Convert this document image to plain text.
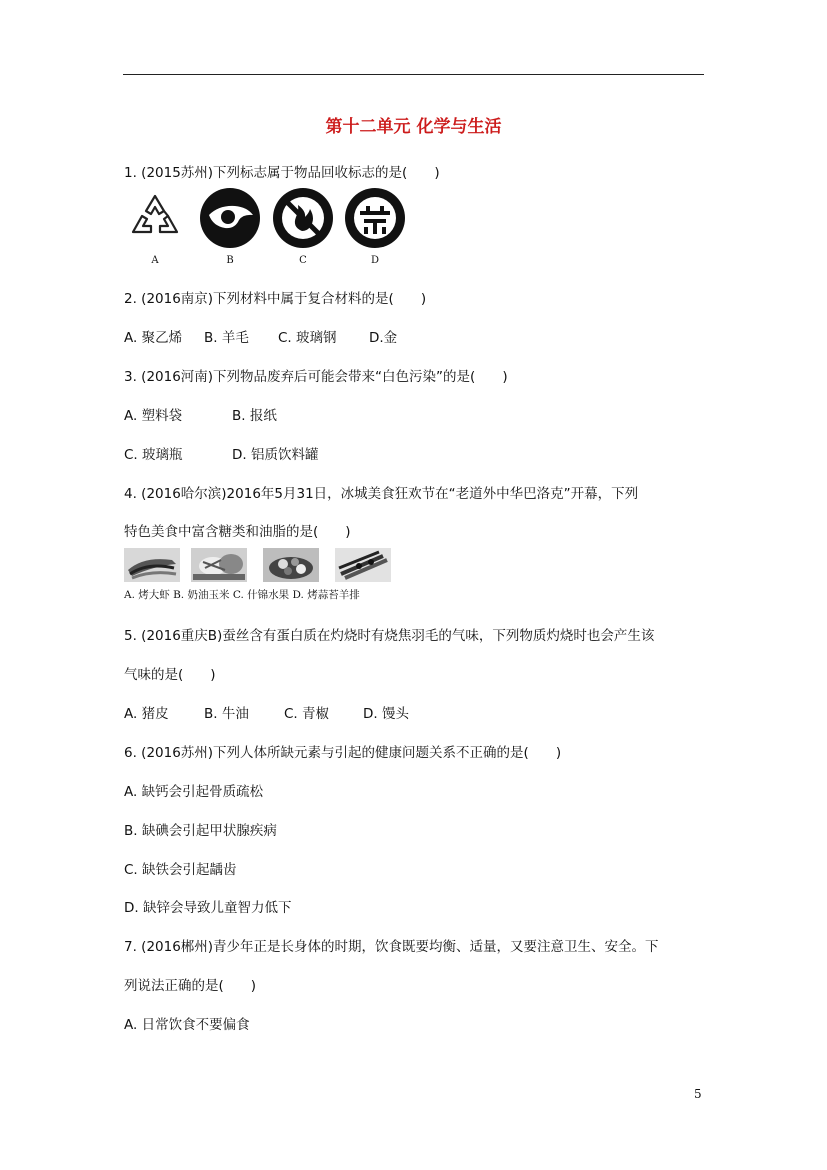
第十二单元 化学与生活
1. (2015苏州)下列标志属于物品回收标志的是(　　)
A	B	C	D
2. (2016南京)下列材料中属于复合材料的是(　　)
A. 聚乙烯 B. 羊毛 C. 玻璃钢 D.金
3. (2016河南)下列物品废弃后可能会带来“白色污染”的是(　　)
A. 塑料袋	B. 报纸
C. 玻璃瓶	D. 铝质饮料罐
4. (2016哈尔滨)2016年5月31日，冰城美食狂欢节在“老道外中华巴洛克”开幕，下列
特色美食中富含糖类和油脂的是(　　)
A. 烤大虾 B. 奶油玉米 C. 什锦水果 D. 烤蒜苔羊排
5. (2016重庆B)蚕丝含有蛋白质在灼烧时有烧焦羽毛的气味，下列物质灼烧时也会产生该
气味的是(　　)
A. 猪皮	B. 牛油	C. 青椒	D. 馒头
6. (2016苏州)下列人体所缺元素与引起的健康问题关系不正确的是(　　)
A. 缺钙会引起骨质疏松
B. 缺碘会引起甲状腺疾病
C. 缺铁会引起龋齿
D. 缺锌会导致儿童智力低下
7. (2016郴州)青少年正是长身体的时期，饮食既要均衡、适量，又要注意卫生、安全。下
列说法正确的是(　　)
A. 日常饮食不要偏食
5
